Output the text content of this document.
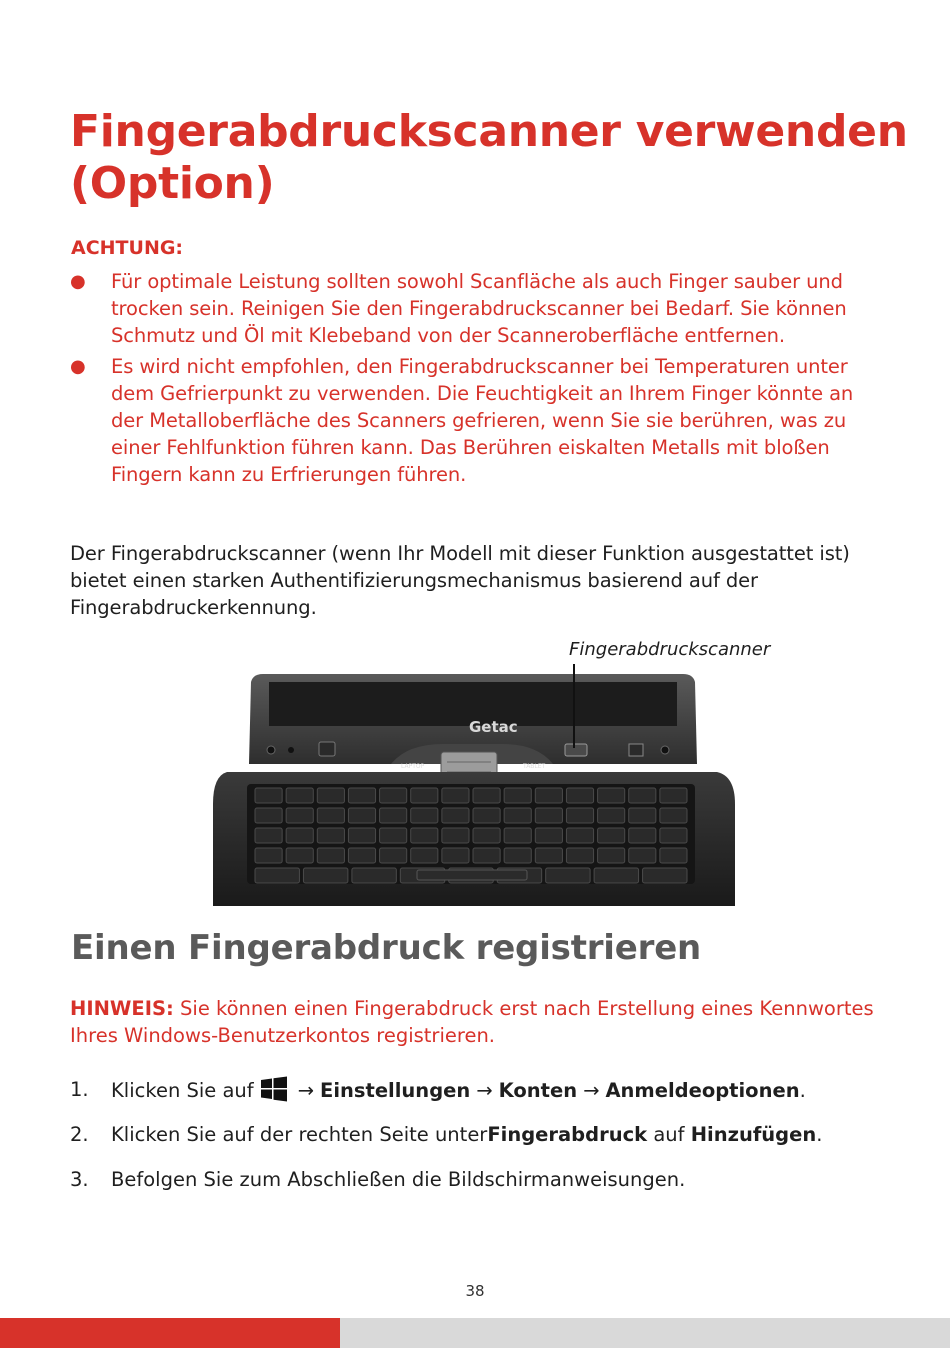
Fingerabdruckscanner verwenden (Option)
ACHTUNG:
● Für optimale Leistung sollten sowohl Scanfläche als auch Finger sauber und trocken sein. Reinigen Sie den Fingerabdruckscanner bei Bedarf. Sie können Schmutz und Öl mit Klebeband von der Scanneroberfläche entfernen.
● Es wird nicht empfohlen, den Fingerabdruckscanner bei Temperaturen unter dem Gefrierpunkt zu verwenden. Die Feuchtigkeit an Ihrem Finger könnte an der Metalloberfläche des Scanners gefrieren, wenn Sie sie berühren, was zu einer Fehlfunktion führen kann. Das Berühren eiskalten Metalls mit bloßen Fingern kann zu Erfrierungen führen.

Der Fingerabdruckscanner (wenn Ihr Modell mit dieser Funktion ausgestattet ist) bietet einen starken Authentifizierungsmechanismus basierend auf der Fingerabdruckerkennung.

Fingerabdruckscanner
Getac
LAPTOP	TABLET
Einen Fingerabdruck registrieren

HINWEIS: Sie können einen Fingerabdruck erst nach Erstellung eines Kennwortes Ihres Windows-Benutzerkontos registrieren.

1. Klicken Sie auf → Einstellungen → Konten → Anmeldeoptionen.
2. Klicken Sie auf der rechten Seite unterFingerabdruck auf Hinzufügen.
3. Befolgen Sie zum Abschließen die Bildschirmanweisungen.
38
